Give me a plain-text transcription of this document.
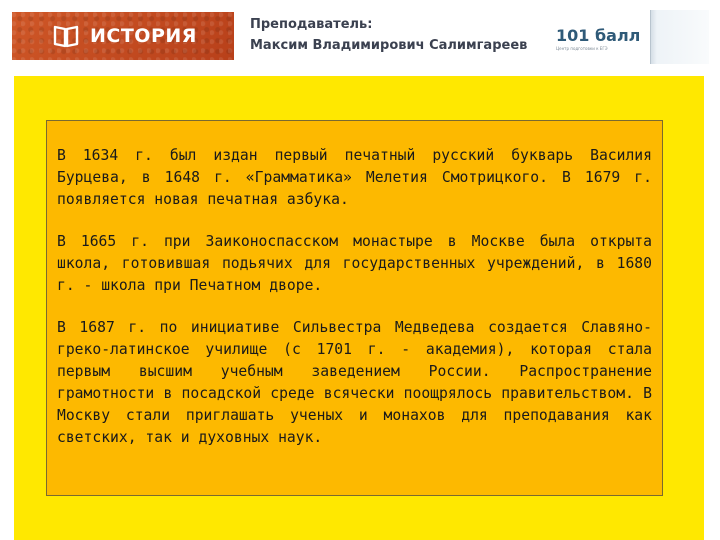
ИСТОРИЯ
Преподаватель:
Максим Владимирович Салимгареев
101 балл
Центр подготовки к ЕГЭ

В 1634 г. был издан первый печатный русский букварь Василия Бурцева, в 1648 г. «Грамматика» Мелетия Смотрицкого. В 1679 г. появляется новая печатная азбука.

В 1665 г. при Заиконоспасском монастыре в Москве была открыта школа, готовившая подьячих для государственных учреждений, в 1680 г. - школа при Печатном дворе.

В 1687 г. по инициативе Сильвестра Медведева создается Славяно-греко-латинское училище (с 1701 г. - академия), которая стала первым высшим учебным заведением России. Распространение грамотности в посадской среде всячески поощрялось правительством. В Москву стали приглашать ученых и монахов для преподавания как светских, так и духовных наук.
